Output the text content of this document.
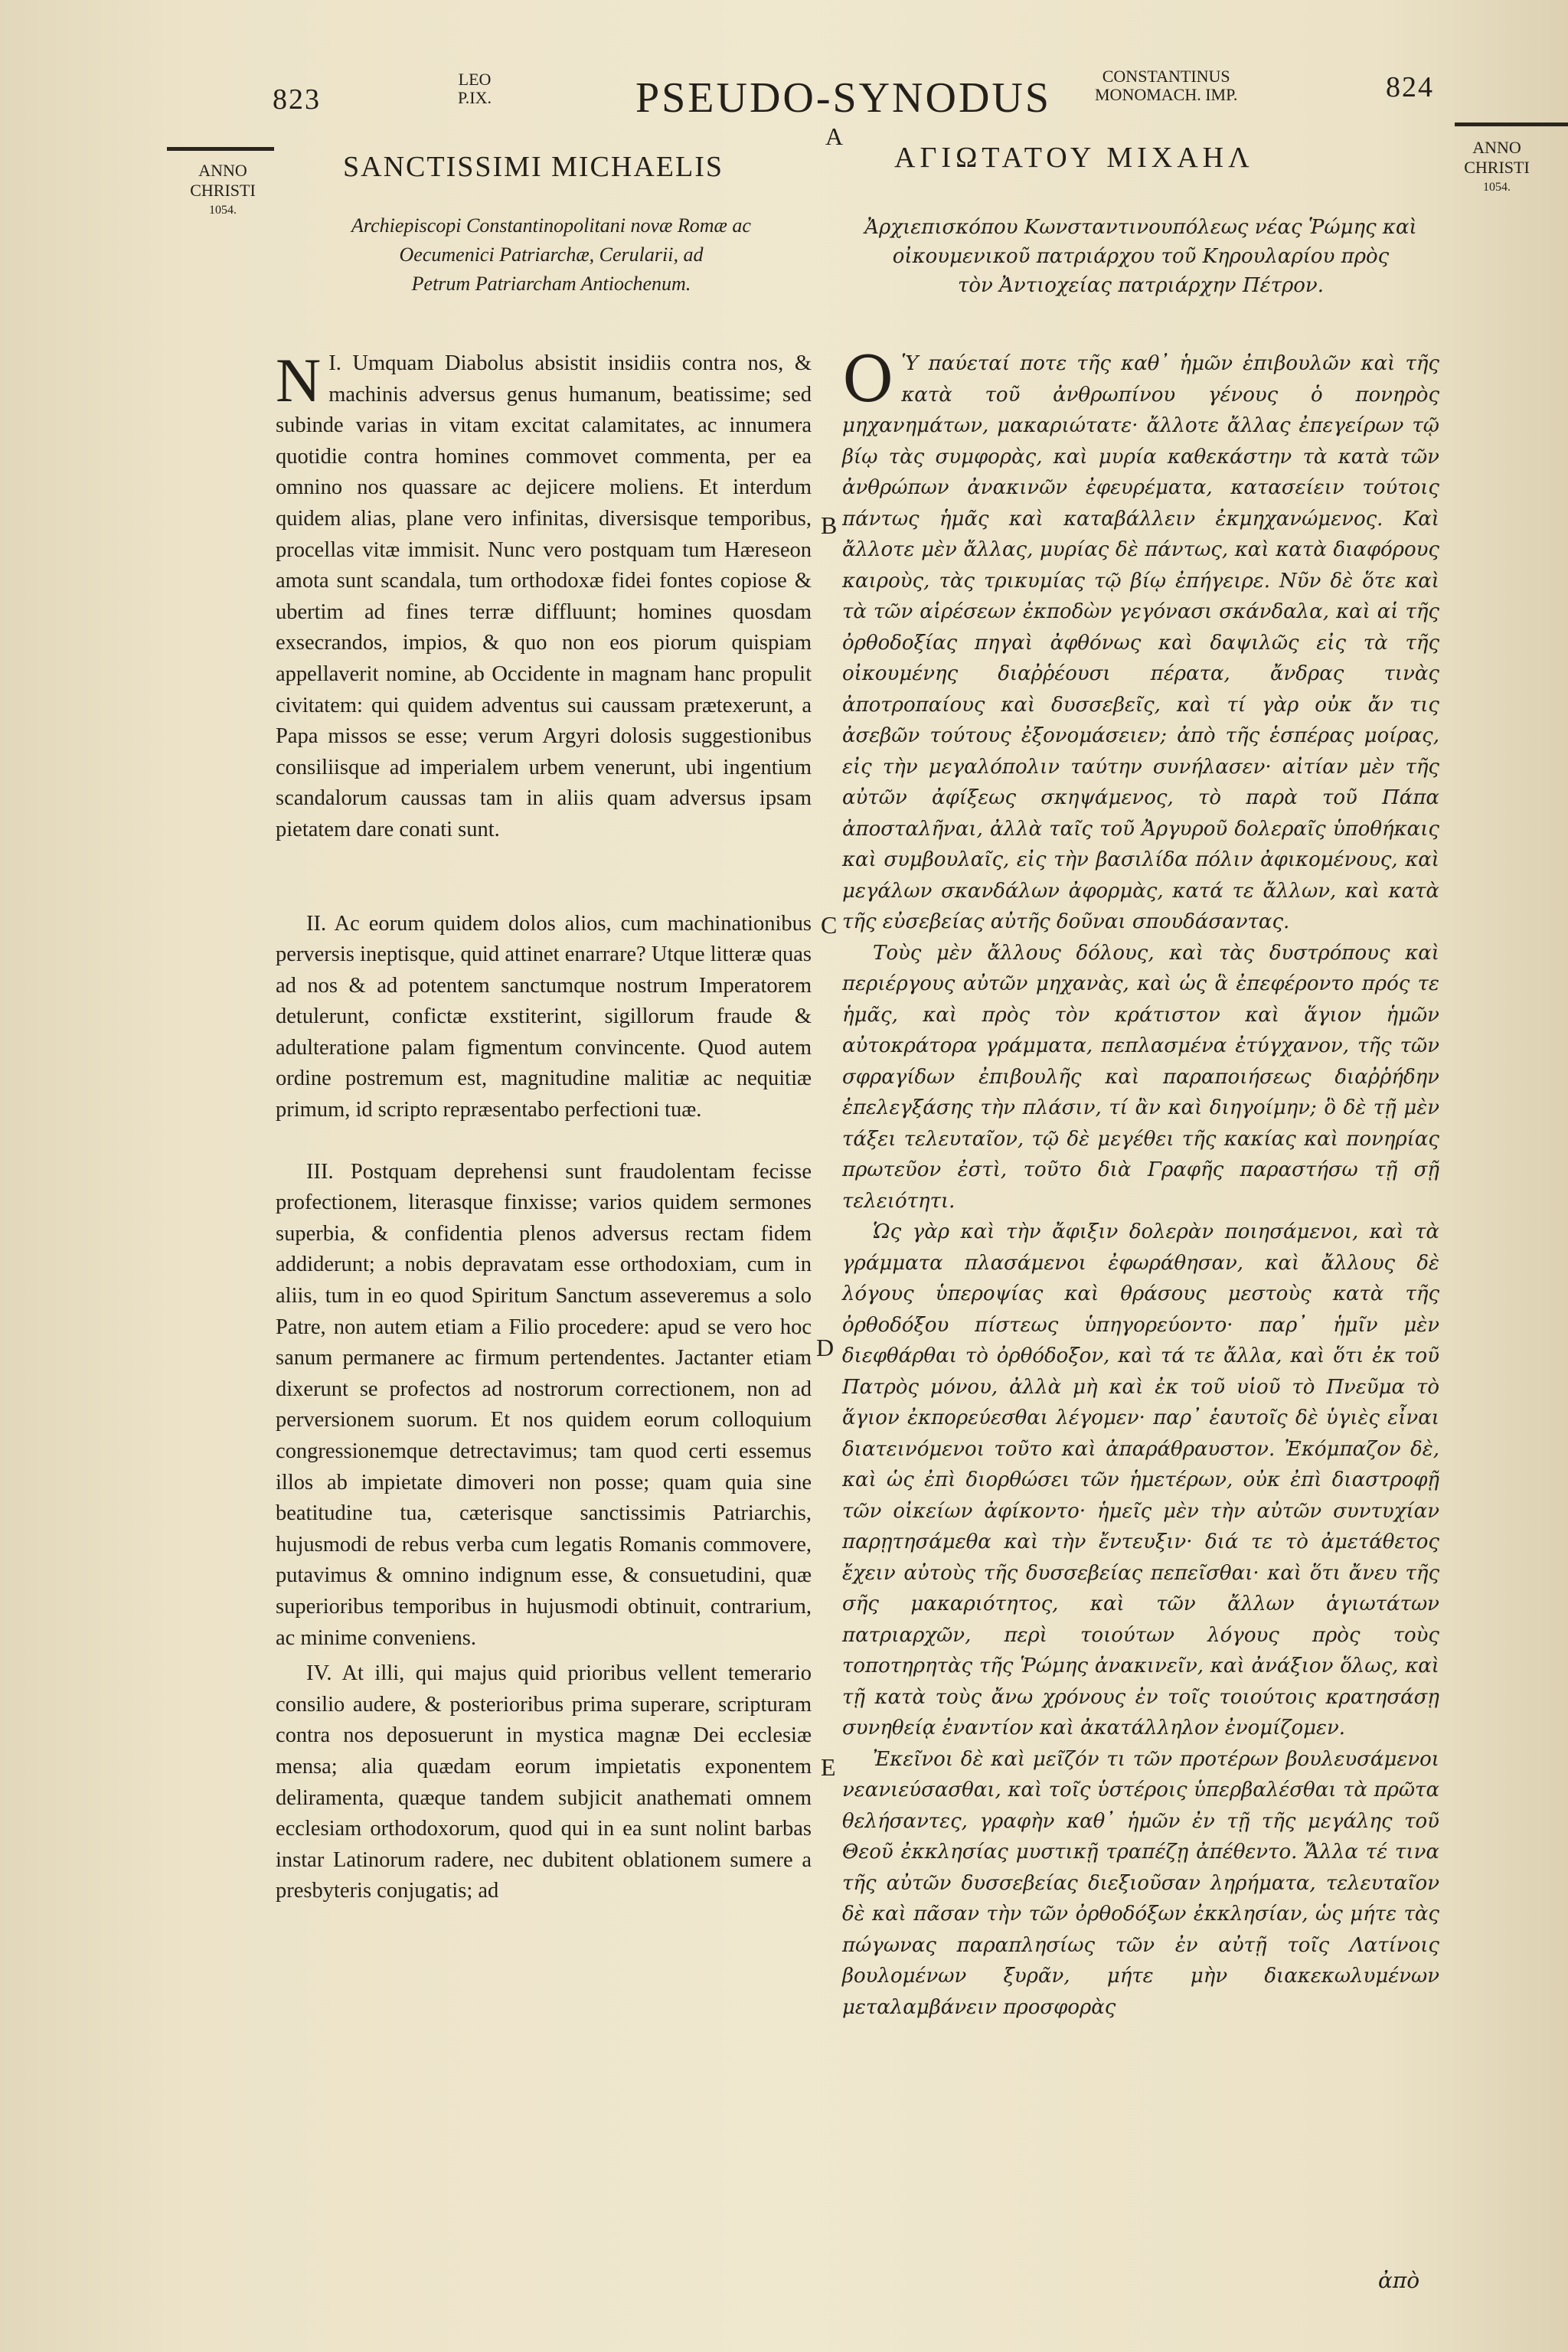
823
LEO
P.IX.	PSEUDO-SYNODUS	CONSTANTINUS
MONOMACH. IMP.	824
A
ANNO
CHRISTI
1054.
ANNO
CHRISTI
1054.
SANCTISSIMI MICHAELIS	ΑΓΙΩΤΑΤΟΥ ΜΙΧΑΗΛ
Archiepiscopi Constantinopolitani novæ Romæ ac
Oecumenici Patriarchæ, Cerularii, ad
Petrum Patriarcham Antiochenum.
Ἀρχιεπισκόπου Κωνσταντινουπόλεως νέας Ῥώμης καὶ
οἰκουμενικοῦ πατριάρχου τοῦ Κηρουλαρίου πρὸς
τὸν Ἀντιοχείας πατριάρχην Πέτρον.

I.
N Umquam Diabolus absistit insidiis contra nos, & machinis adversus genus humanum, beatissime; sed subinde varias in vitam excitat calamitates, ac innumera quotidie contra homines commovet commenta, per ea omnino nos quassare ac dejicere moliens. Et interdum quidem alias, plane vero infinitas, diversisque temporibus, procellas vitæ immisit. Nunc vero postquam tum Hæreseon amota sunt scandala, tum orthodoxæ fidei fontes copiose & ubertim ad fines terræ diffluunt; homines quosdam exsecrandos, impios, & quo non eos piorum quispiam appellaverit nomine, ab Occidente in magnam hanc propulit civitatem: qui quidem adventus sui caussam prætexerunt, a Papa missos se esse; verum Argyri dolosis suggestionibus consiliisque ad imperialem urbem venerunt, ubi ingentium scandalorum caussas tam in aliis quam adversus ipsam pietatem dare conati sunt.

II. Ac eorum quidem dolos alios, cum machinationibus perversis ineptisque, quid attinet enarrare? Utque litteræ quas ad nos & ad potentem sanctumque nostrum Imperatorem detulerunt, confictæ exstiterint, sigillorum fraude & adulteratione palam figmentum convincente. Quod autem ordine postremum est, magnitudine malitiæ ac nequitiæ primum, id scripto repræsentabo perfectioni tuæ.

III. Postquam deprehensi sunt fraudolentam fecisse profectionem, literasque finxisse; varios quidem sermones superbia, & confidentia plenos adversus rectam fidem addiderunt; a nobis depravatam esse orthodoxiam, cum in aliis, tum in eo quod Spiritum Sanctum asseveremus a solo Patre, non autem etiam a Filio procedere: apud se vero hoc sanum permanere ac firmum pertendentes. Jactanter etiam dixerunt se profectos ad nostrorum correctionem, non ad perversionem suorum. Et nos quidem eorum colloquium congressionemque detrectavimus; tam quod certi essemus illos ab impietate dimoveri non posse; quam quia sine beatitudine tua, cæterisque sanctissimis Patriarchis, hujusmodi de rebus verba cum legatis Romanis commovere, putavimus & omnino indignum esse, & consuetudini, quæ superioribus temporibus in hujusmodi obtinuit, contrarium, ac minime conveniens.

IV. At illi, qui majus quid prioribus vellent temerario consilio audere, & posterioribus prima superare, scripturam contra nos deposuerunt in mystica magnæ Dei ecclesiæ mensa; alia quædam eorum impietatis exponentem deliramenta, quæque tandem subjicit anathemati omnem ecclesiam orthodoxorum, quod qui in ea sunt nolint barbas instar Latinorum radere, nec dubitent oblationem sumere a presbyteris conjugatis; ad

Ο Ὑ παύεταί ποτε τῆς καθ᾽ ἡμῶν ἐπιβουλῶν καὶ τῆς κατὰ τοῦ ἀνθρωπίνου γένους ὁ πονηρὸς μηχανημάτων, μακαριώτατε· ἄλλοτε ἄλλας ἐπεγείρων τῷ βίῳ τὰς συμφορὰς, καὶ μυρία καθεκάστην τὰ κατὰ τῶν ἀνθρώπων ἀνακινῶν ἐφευρέματα, κατασείειν τούτοις πάντως ἡμᾶς καὶ καταβάλλειν ἐκμηχανώμενος. Καὶ ἄλλοτε μὲν ἄλλας, μυρίας δὲ πάντως, καὶ κατὰ διαφόρους καιροὺς, τὰς τρικυμίας τῷ βίῳ ἐπήγειρε. Νῦν δὲ ὅτε καὶ τὰ τῶν αἱρέσεων ἐκποδὼν γεγόνασι σκάνδαλα, καὶ αἱ τῆς ὀρθοδοξίας πηγαὶ ἀφθόνως καὶ δαψιλῶς εἰς τὰ τῆς οἰκουμένης διαῤῥέουσι πέρατα, ἄνδρας τινὰς ἀποτροπαίους καὶ δυσσεβεῖς, καὶ τί γὰρ οὐκ ἄν τις ἀσεβῶν τούτους ἐξονομάσειεν; ἀπὸ τῆς ἑσπέρας μοίρας, εἰς τὴν μεγαλόπολιν ταύτην συνήλασεν· αἰτίαν μὲν τῆς αὐτῶν ἀφίξεως σκηψάμενος, τὸ παρὰ τοῦ Πάπα ἀποσταλῆναι, ἀλλὰ ταῖς τοῦ Ἀργυροῦ δολεραῖς ὑποθήκαις καὶ συμβουλαῖς, εἰς τὴν βασιλίδα πόλιν ἀφικομένους, καὶ μεγάλων σκανδάλων ἀφορμὰς, κατά τε ἄλλων, καὶ κατὰ τῆς εὐσεβείας αὐτῆς δοῦναι σπουδάσαντας.

Τοὺς μὲν ἄλλους δόλους, καὶ τὰς δυστρόπους καὶ περιέργους αὐτῶν μηχανὰς, καὶ ὡς ἃ ἐπεφέροντο πρός τε ἡμᾶς, καὶ πρὸς τὸν κράτιστον καὶ ἅγιον ἡμῶν αὐτοκράτορα γράμματα, πεπλασμένα ἐτύγχανον, τῆς τῶν σφραγίδων ἐπιβουλῆς καὶ παραποιήσεως διαῤῥήδην ἐπελεγξάσης τὴν πλάσιν, τί ἂν καὶ διηγοίμην; ὃ δὲ τῇ μὲν τάξει τελευταῖον, τῷ δὲ μεγέθει τῆς κακίας καὶ πονηρίας πρωτεῦον ἐστὶ, τοῦτο διὰ Γραφῆς παραστήσω τῇ σῇ τελειότητι.

Ὡς γὰρ καὶ τὴν ἄφιξιν δολερὰν ποιησάμενοι, καὶ τὰ γράμματα πλασάμενοι ἐφωράθησαν, καὶ ἄλλους δὲ λόγους ὑπεροψίας καὶ θράσους μεστοὺς κατὰ τῆς ὀρθοδόξου πίστεως ὑπηγορεύοντο· παρ᾽ ἡμῖν μὲν διεφθάρθαι τὸ ὀρθόδοξον, καὶ τά τε ἄλλα, καὶ ὅτι ἐκ τοῦ Πατρὸς μόνου, ἀλλὰ μὴ καὶ ἐκ τοῦ υἱοῦ τὸ Πνεῦμα τὸ ἅγιον ἐκπορεύεσθαι λέγομεν· παρ᾽ ἑαυτοῖς δὲ ὑγιὲς εἶναι διατεινόμενοι τοῦτο καὶ ἀπαράθραυστον. Ἐκόμπαζον δὲ, καὶ ὡς ἐπὶ διορθώσει τῶν ἡμετέρων, οὐκ ἐπὶ διαστροφῇ τῶν οἰκείων ἀφίκοντο· ἡμεῖς μὲν τὴν αὐτῶν συντυχίαν παρῃτησάμεθα καὶ τὴν ἔντευξιν· διά τε τὸ ἀμετάθετος ἔχειν αὐτοὺς τῆς δυσσεβείας πεπεῖσθαι· καὶ ὅτι ἄνευ τῆς σῆς μακαριότητος, καὶ τῶν ἄλλων ἁγιωτάτων πατριαρχῶν, περὶ τοιούτων λόγους πρὸς τοὺς τοποτηρητὰς τῆς Ῥώμης ἀνακινεῖν, καὶ ἀνάξιον ὅλως, καὶ τῇ κατὰ τοὺς ἄνω χρόνους ἐν τοῖς τοιούτοις κρατησάσῃ συνηθείᾳ ἐναντίον καὶ ἀκατάλληλον ἐνομίζομεν.

Ἐκεῖνοι δὲ καὶ μεῖζόν τι τῶν προτέρων βουλευσάμενοι νεανιεύσασθαι, καὶ τοῖς ὑστέροις ὑπερβαλέσθαι τὰ πρῶτα θελήσαντες, γραφὴν καθ᾽ ἡμῶν ἐν τῇ τῆς μεγάλης τοῦ Θεοῦ ἐκκλησίας μυστικῇ τραπέζῃ ἀπέθεντο. Ἄλλα τέ τινα τῆς αὐτῶν δυσσεβείας διεξιοῦσαν ληρήματα, τελευταῖον δὲ καὶ πᾶσαν τὴν τῶν ὀρθοδόξων ἐκκλησίαν, ὡς μήτε τὰς πώγωνας παραπλησίως τῶν ἐν αὐτῇ τοῖς Λατίνοις βουλομένων ξυρᾶν, μήτε μὴν διακεκωλυμένων μεταλαμβάνειν προσφορὰς

B
C
D
E
ἀπὸ
